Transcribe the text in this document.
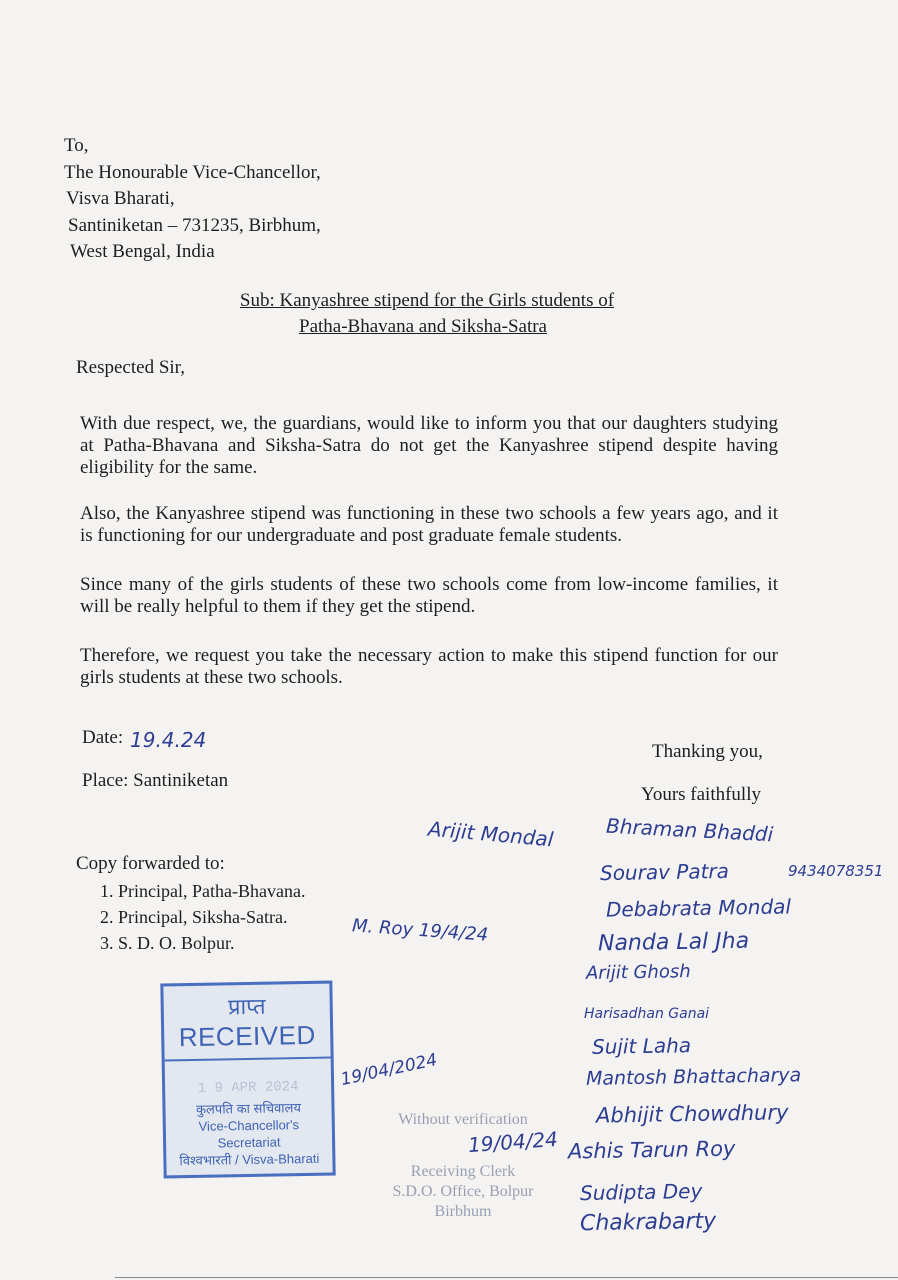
To,
The Honourable Vice-Chancellor,
Visva Bharati,
Santiniketan – 731235, Birbhum,
West Bengal, India
Sub: Kanyashree stipend for the Girls students of
Patha-Bhavana and Siksha-Satra
Respected Sir,
With due respect, we, the guardians, would like to inform you that our daughters studying at Patha-Bhavana and Siksha-Satra do not get the Kanyashree stipend despite having eligibility for the same.
Also, the Kanyashree stipend was functioning in these two schools a few years ago, and it is functioning for our undergraduate and post graduate female students.
Since many of the girls students of these two schools come from low-income families, it will be really helpful to them if they get the stipend.
Therefore, we request you take the necessary action to make this stipend function for our girls students at these two schools.
Date: 19.4.24
Place: Santiniketan
Thanking you,
Yours faithfully
Copy forwarded to:
1. Principal, Patha-Bhavana.
2. Principal, Siksha-Satra.
3. S. D. O. Bolpur.	M. Roy 19/4/24
Arijit Mondal	Bhraman Bhaddi
Sourav Patra	9434078351
Debabrata Mondal
Nanda Lal Jha
Arijit Ghosh
Harisadhan Ganai
Sujit Laha
Mantosh Bhattacharya
Abhijit Chowdhury
Ashis Tarun Roy
Sudipta Dey
Chakrabarty
प्राप्त
RECEIVED
1 9 APR 2024
कुलपति का सचिवालय
Vice-Chancellor's Secretariat
विश्वभारती / Visva-Bharati
19/04/2024
Without verification
Receiving Clerk
S.D.O. Office, Bolpur
Birbhum
19/04/24
